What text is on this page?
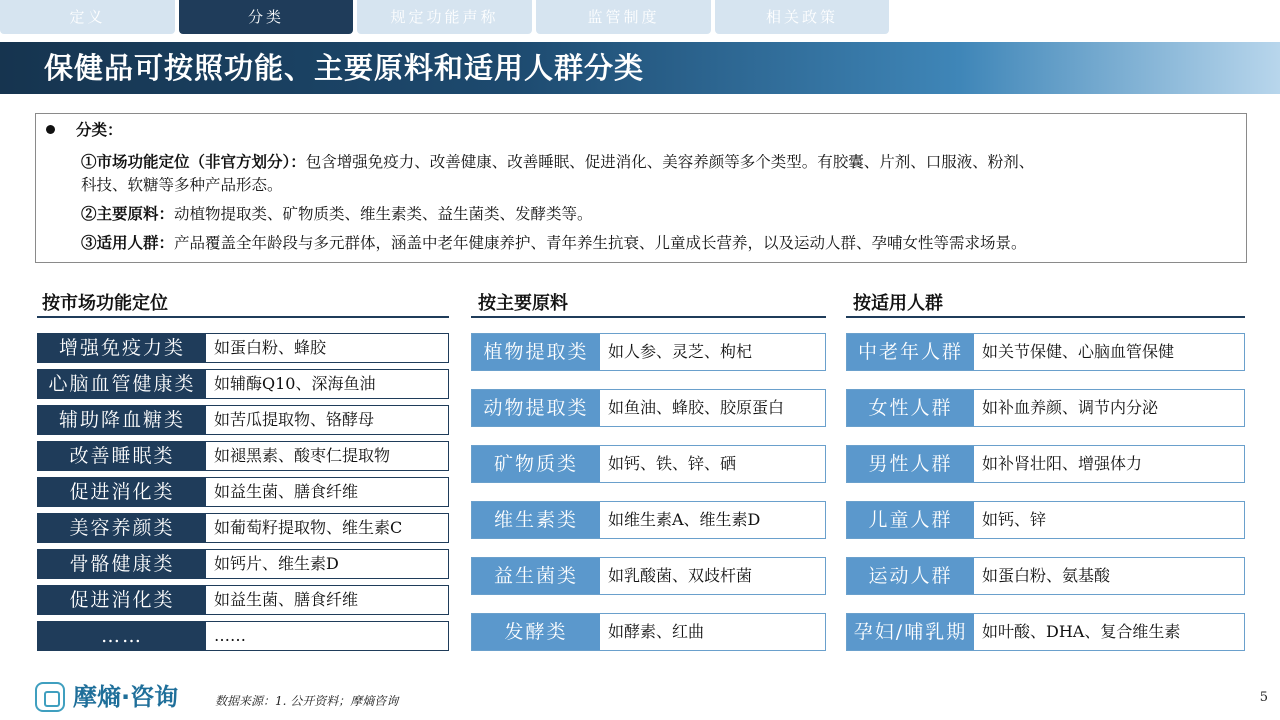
定义	分类	规定功能声称	监管制度	相关政策
保健品可按照功能、主要原料和适用人群分类
分类：
①市场功能定位（非官方划分）：包含增强免疫力、改善健康、改善睡眠、促进消化、美容养颜等多个类型。有胶囊、片剂、口服液、粉剂、
科技、软糖等多种产品形态。
②主要原料：动植物提取类、矿物质类、维生素类、益生菌类、发酵类等。
③适用人群：产品覆盖全年龄段与多元群体，涵盖中老年健康养护、青年养生抗衰、儿童成长营养，以及运动人群、孕哺女性等需求场景。
按市场功能定位
增强免疫力类	如蛋白粉、蜂胶
心脑血管健康类	如辅酶Q10、深海鱼油
辅助降血糖类	如苦瓜提取物、铬酵母
改善睡眠类	如褪黑素、酸枣仁提取物
促进消化类	如益生菌、膳食纤维
美容养颜类	如葡萄籽提取物、维生素C
骨骼健康类	如钙片、维生素D
促进消化类	如益生菌、膳食纤维
……	……
按主要原料
植物提取类	如人参、灵芝、枸杞
动物提取类	如鱼油、蜂胶、胶原蛋白
矿物质类	如钙、铁、锌、硒
维生素类	如维生素A、维生素D
益生菌类	如乳酸菌、双歧杆菌
发酵类	如酵素、红曲
按适用人群
中老年人群	如关节保健、心脑血管保健
女性人群	如补血养颜、调节内分泌
男性人群	如补肾壮阳、增强体力
儿童人群	如钙、锌
运动人群	如蛋白粉、氨基酸
孕妇/哺乳期 如叶酸、DHA、复合维生素
摩熵·咨询	数据来源：1. 公开资料；摩熵咨询	5
